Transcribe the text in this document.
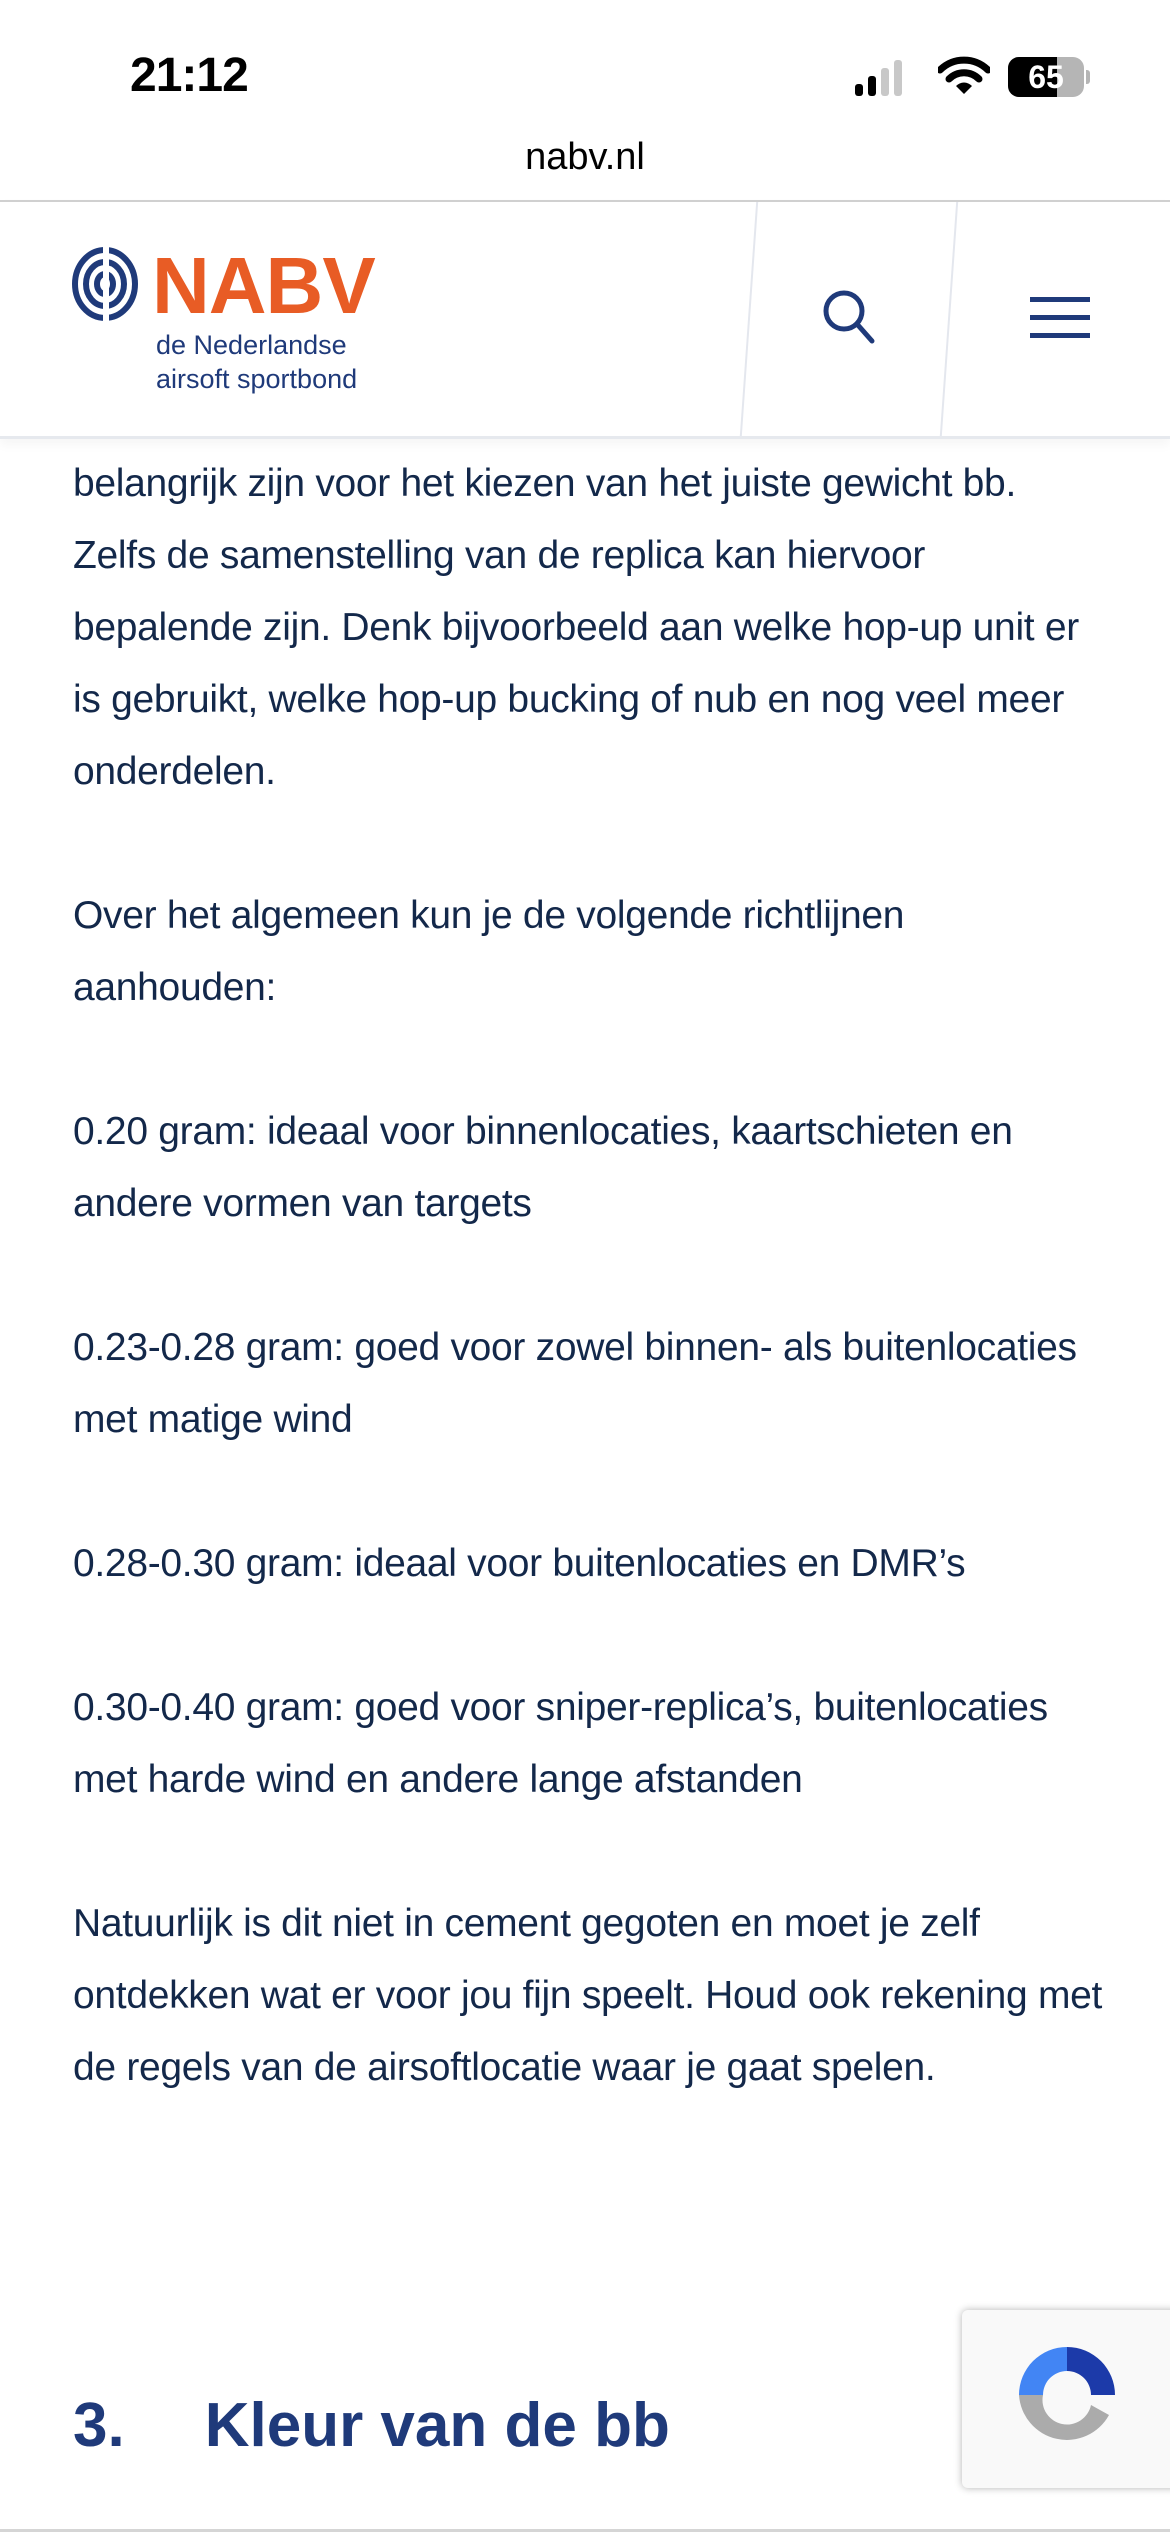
21:12	65
nabv.nl
NABV
de Nederlandse
airsoft sportbond

belangrijk zijn voor het kiezen van het juiste gewicht bb. Zelfs de samenstelling van de replica kan hiervoor bepalende zijn. Denk bijvoorbeeld aan welke hop-up unit er is gebruikt, welke hop-up bucking of nub en nog veel meer onderdelen.

Over het algemeen kun je de volgende richtlijnen aanhouden:

0.20 gram: ideaal voor binnenlocaties, kaartschieten en andere vormen van targets

0.23-0.28 gram: goed voor zowel binnen- als buitenlocaties met matige wind

0.28-0.30 gram: ideaal voor buitenlocaties en DMR’s

0.30-0.40 gram: goed voor sniper-replica’s, buitenlocaties met harde wind en andere lange afstanden

Natuurlijk is dit niet in cement gegoten en moet je zelf ontdekken wat er voor jou fijn speelt. Houd ook rekening met de regels van de airsoftlocatie waar je gaat spelen.

3. Kleur van de bb
